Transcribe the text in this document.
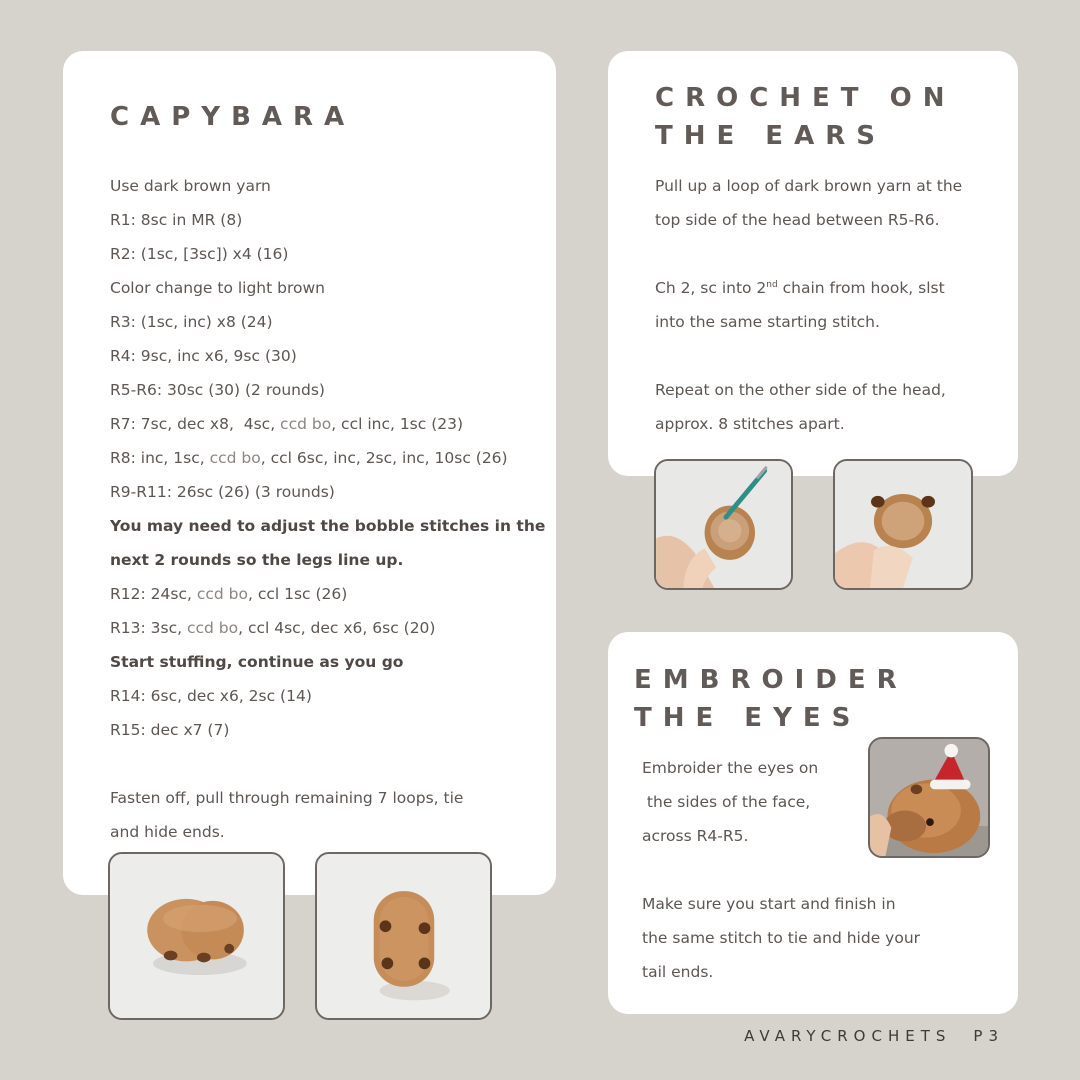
CAPYBARA
Use dark brown yarn
R1: 8sc in MR (8)
R2: (1sc, [3sc]) x4 (16)
Color change to light brown
R3: (1sc, inc) x8 (24)
R4: 9sc, inc x6, 9sc (30)
R5-R6: 30sc (30) (2 rounds)
R7: 7sc, dec x8,  4sc, ccd bo, ccl inc, 1sc (23)
R8: inc, 1sc, ccd bo, ccl 6sc, inc, 2sc, inc, 10sc (26)
R9-R11: 26sc (26) (3 rounds)
You may need to adjust the bobble stitches in the
next 2 rounds so the legs line up.
R12: 24sc, ccd bo, ccl 1sc (26)
R13: 3sc, ccd bo, ccl 4sc, dec x6, 6sc (20)
Start stuffing, continue as you go
R14: 6sc, dec x6, 2sc (14)
R15: dec x7 (7)
Fasten off, pull through remaining 7 loops, tie
and hide ends.
CROCHET ON
THE EARS
Pull up a loop of dark brown yarn at the
top side of the head between R5-R6.
Ch 2, sc into 2nd chain from hook, slst
into the same starting stitch.
Repeat on the other side of the head,
approx. 8 stitches apart.
EMBROIDER
THE EYES
Embroider the eyes on
the sides of the face,
across R4-R5.
Make sure you start and finish in
the same stitch to tie and hide your
tail ends.
AVARYCROCHETS P3
